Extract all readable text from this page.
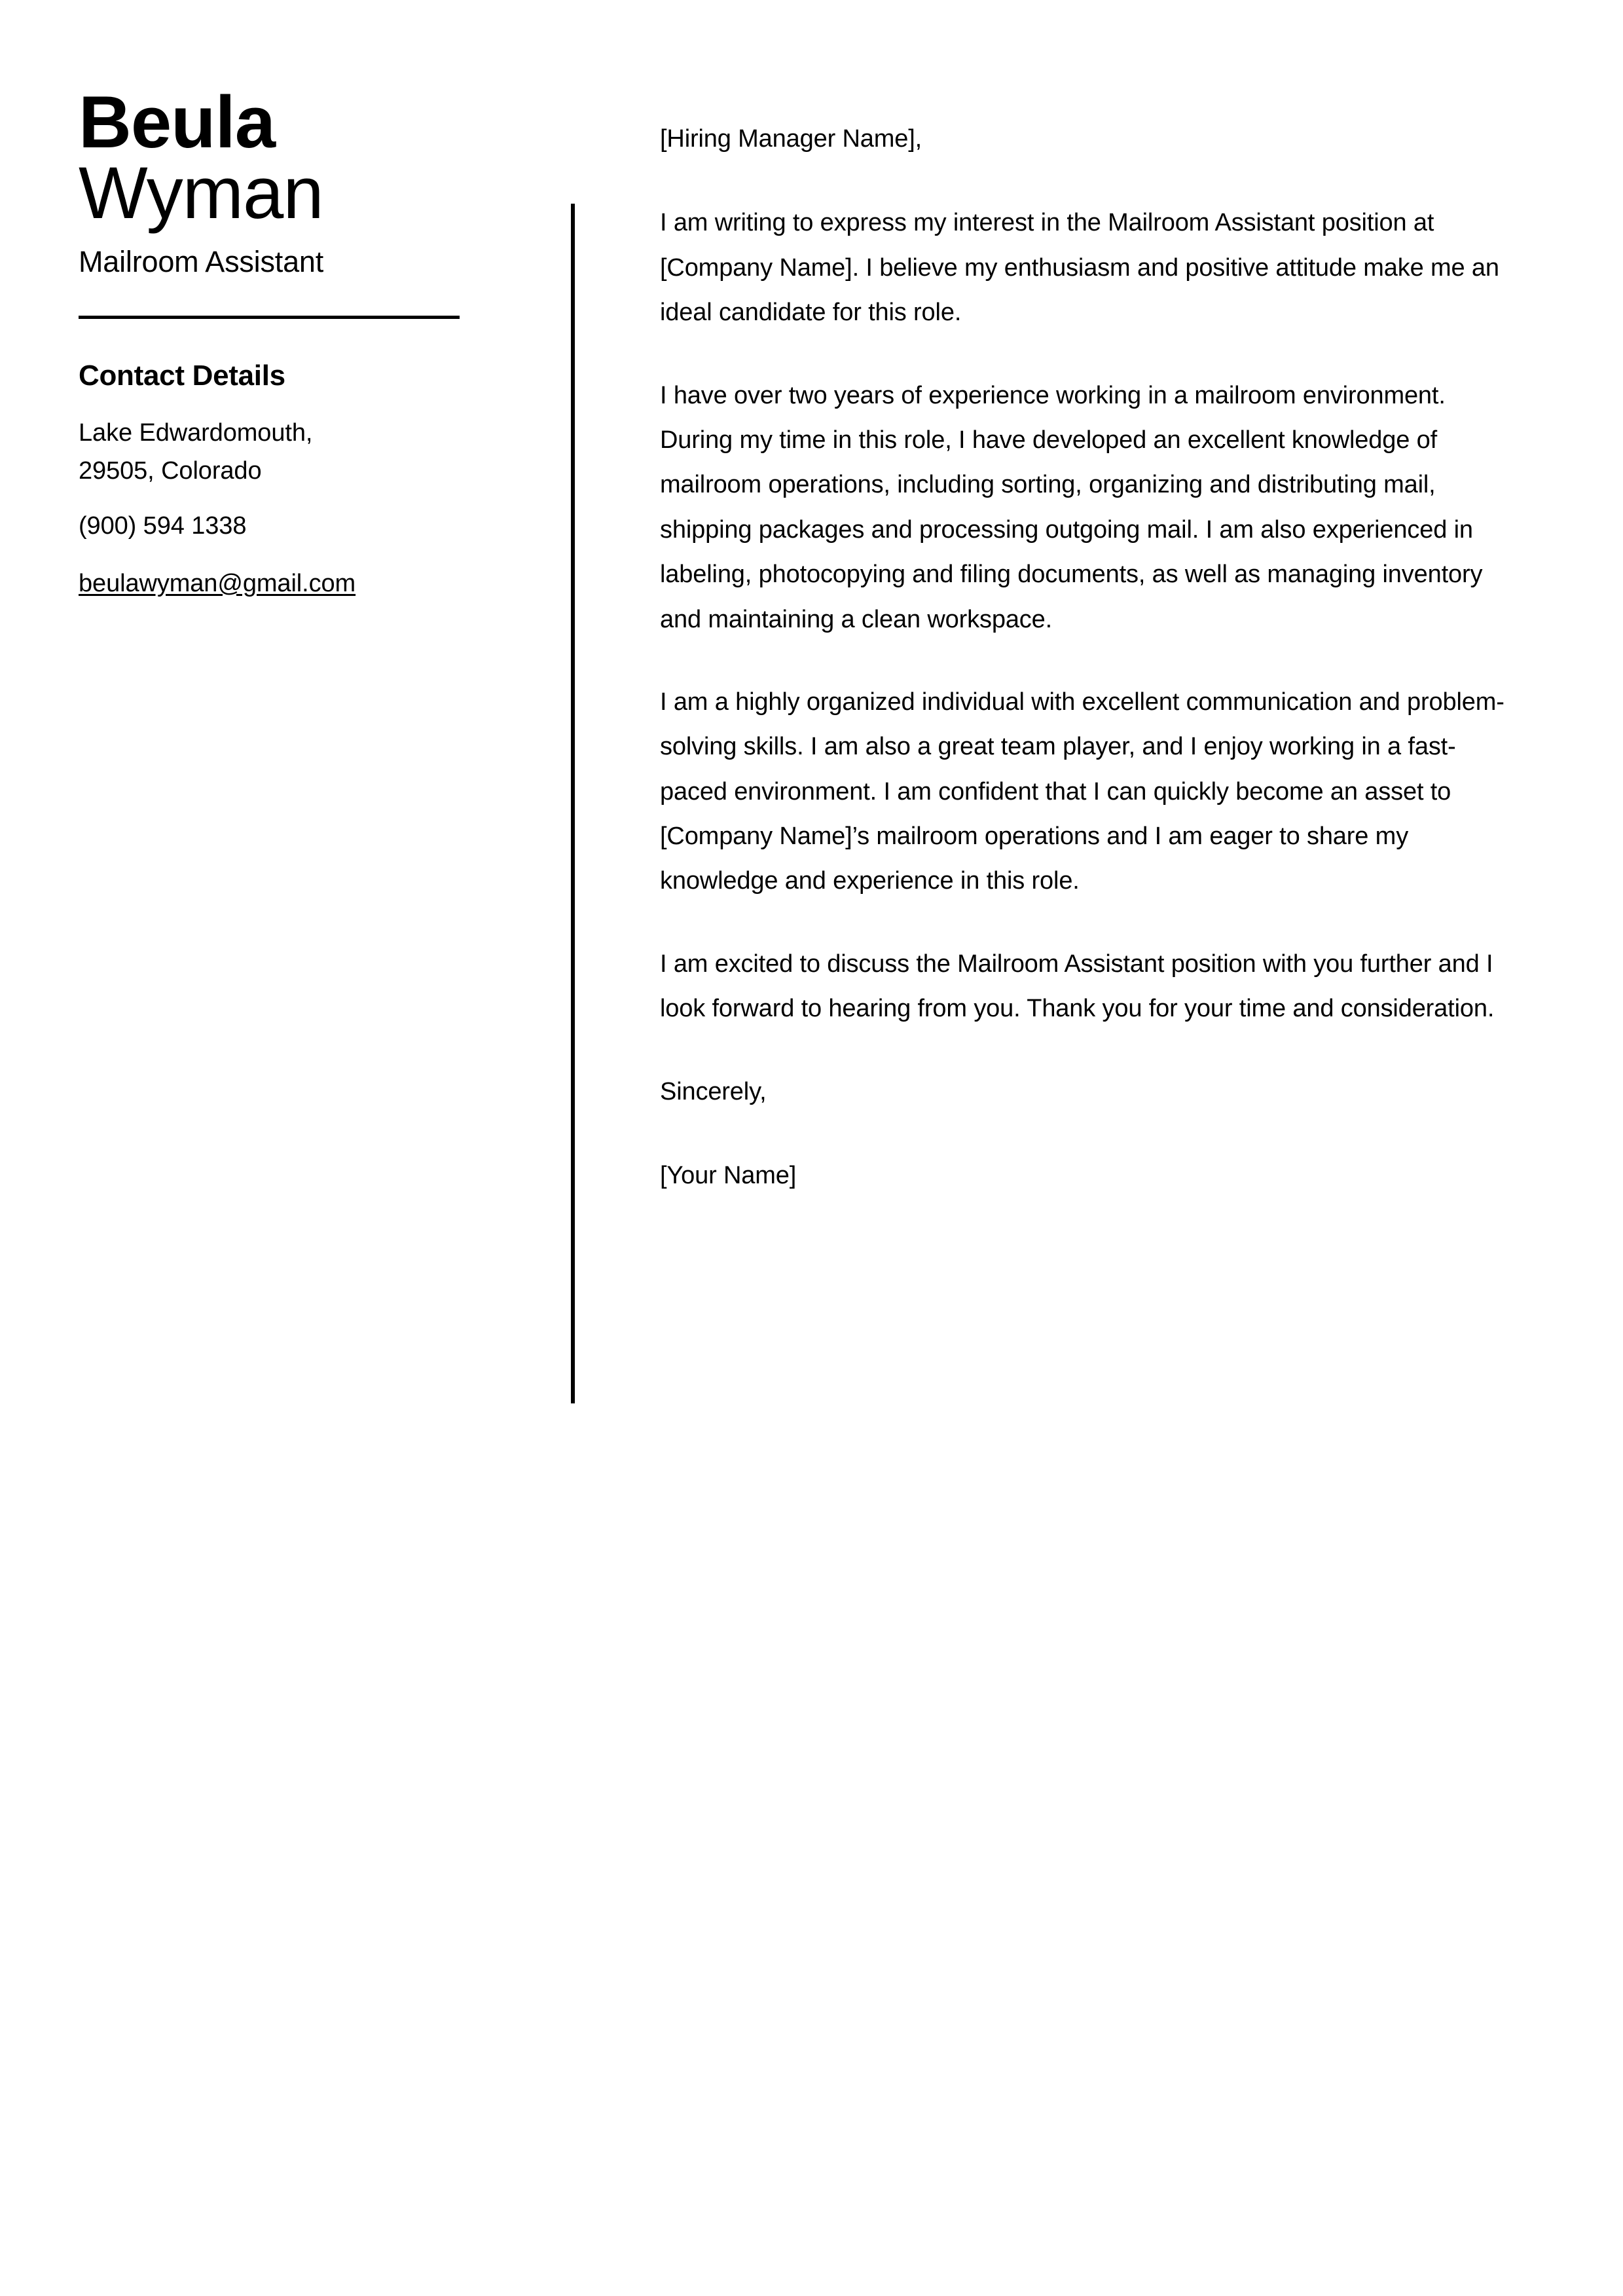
Beula
Wyman
Mailroom Assistant
Contact Details
Lake Edwardomouth,
29505, Colorado
(900) 594 1338
beulawyman@gmail.com

[Hiring Manager Name],

I am writing to express my interest in the Mailroom Assistant position at [Company Name]. I believe my enthusiasm and positive attitude make me an ideal candidate for this role.

I have over two years of experience working in a mailroom environment. During my time in this role, I have developed an excellent knowledge of mailroom operations, including sorting, organizing and distributing mail, shipping packages and processing outgoing mail. I am also experienced in labeling, photocopying and filing documents, as well as managing inventory and maintaining a clean workspace.

I am a highly organized individual with excellent communication and problem-solving skills. I am also a great team player, and I enjoy working in a fast-paced environment. I am confident that I can quickly become an asset to [Company Name]’s mailroom operations and I am eager to share my knowledge and experience in this role.

I am excited to discuss the Mailroom Assistant position with you further and I look forward to hearing from you. Thank you for your time and consideration.

Sincerely,

[Your Name]
